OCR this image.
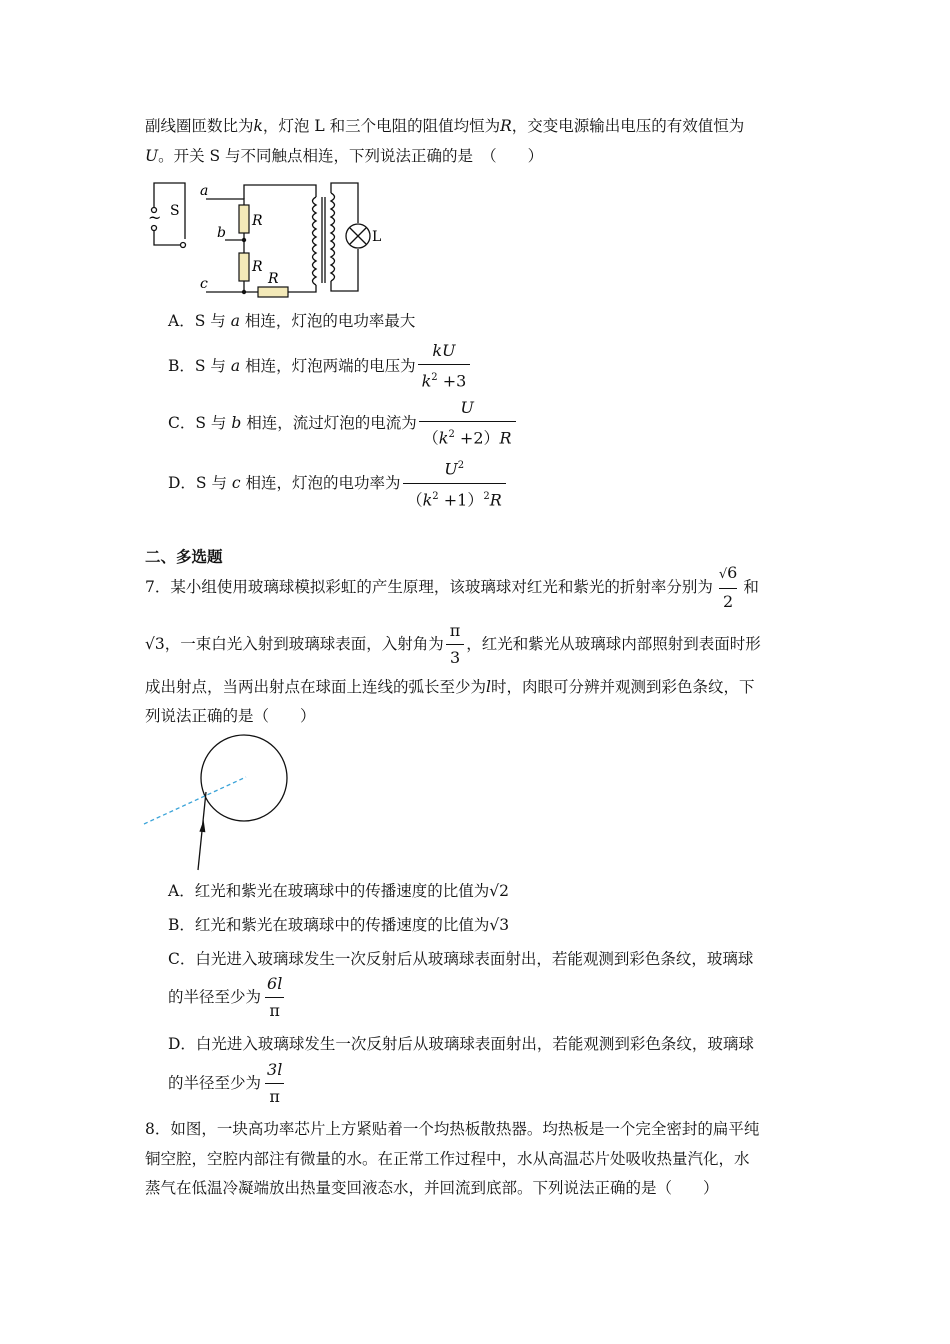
副线圈匝数比为k，灯泡 L 和三个电阻的阻值均恒为R，交变电源输出电压的有效值恒为
U。开关 S 与不同触点相连，下列说法正确的是 （　　）
~ S
a
b
c
R
R
R
L
A．S 与 a 相连，灯泡的电功率最大
B．S 与
a
相连，灯泡两端的电压为 $\frac{kU}{k^2 +3}$
C．S 与
b
相连，流过灯泡的电流为 $\frac{U}{(k^2 +2)R}$
D．S 与
c
相连，灯泡的电功率为 $\frac{U^2}{(k^2 +1)^2R}$
二、多选题
7．某小组使用玻璃球模拟彩虹的产生原理，该玻璃球对红光和紫光的折射率分别为 $\frac{√6}{2}$ 和
√3 ，一束白光入射到玻璃球表面，入射角为 $\frac{\pi}{3}$ ，红光和紫光从玻璃球内部照射到表面时形
成出射点，当两出射点在球面上连线的弧长至少为l时，肉眼可分辨并观测到彩色条纹，下
列说法正确的是（　　）
A．红光和紫光在玻璃球中的传播速度的比值为√2
B．红光和紫光在玻璃球中的传播速度的比值为√3
C．白光进入玻璃球发生一次反射后从玻璃球表面射出，若能观测到彩色条纹，玻璃球
的半径至少为 $\frac{6l}{\pi}$
D．白光进入玻璃球发生一次反射后从玻璃球表面射出，若能观测到彩色条纹，玻璃球
的半径至少为 $\frac{3l}{\pi}$
8．如图，一块高功率芯片上方紧贴着一个均热板散热器。均热板是一个完全密封的扁平纯
铜空腔，空腔内部注有微量的水。在正常工作过程中，水从高温芯片处吸收热量汽化，水
蒸气在低温冷凝端放出热量变回液态水，并回流到底部。下列说法正确的是（　　）
